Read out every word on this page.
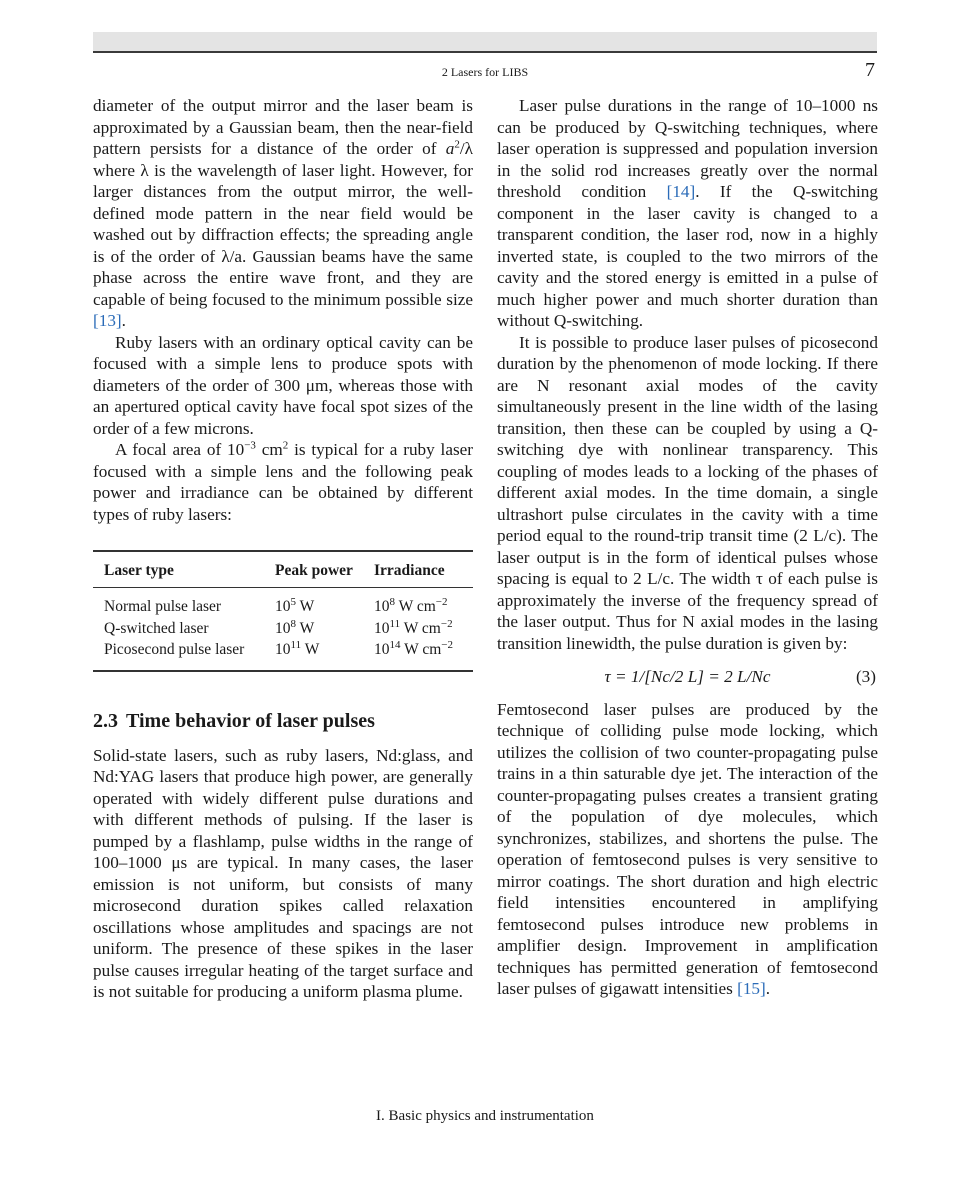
2 Lasers for LIBS	7

diameter of the output mirror and the laser beam is approximated by a Gaussian beam, then the near-field pattern persists for a distance of the order of $a^2/\lambda$ where λ is the wavelength of laser light. However, for larger distances from the output mirror, the well-defined mode pattern in the near field would be washed out by diffraction effects; the spreading angle is of the order of λ/a. Gaussian beams have the same phase across the entire wave front, and they are capable of being focused to the minimum possible size [13].

Ruby lasers with an ordinary optical cavity can be focused with a simple lens to produce spots with diameters of the order of 300 μm, whereas those with an apertured optical cavity have focal spot sizes of the order of a few microns.

A focal area of $10^{-3}$ $cm^2$ is typical for a ruby laser focused with a simple lens and the following peak power and irradiance can be obtained by different types of ruby lasers:

Laser type	Peak power	Irradiance
Normal pulse laser	$10^5$ W	$10^8$ W $cm^{-2}$
Q-switched laser	$10^8$ W	$10^{11}$ W $cm^{-2}$
Picosecond pulse laser	$10^{11}$ W	$10^{14}$ W $cm^{-2}$
2.3 Time behavior of laser pulses

Solid-state lasers, such as ruby lasers, Nd:glass, and Nd:YAG lasers that produce high power, are generally operated with widely different pulse durations and with different methods of pulsing. If the laser is pumped by a flashlamp, pulse widths in the range of 100–1000 μs are typical. In many cases, the laser emission is not uniform, but consists of many microsecond duration spikes called relaxation oscillations whose amplitudes and spacings are not uniform. The presence of these spikes in the laser pulse causes irregular heating of the target surface and is not suitable for producing a uniform plasma plume.

Laser pulse durations in the range of 10–1000 ns can be produced by Q-switching techniques, where laser operation is suppressed and population inversion in the solid rod increases greatly over the normal threshold condition [14]. If the Q-switching component in the laser cavity is changed to a transparent condition, the laser rod, now in a highly inverted state, is coupled to the two mirrors of the cavity and the stored energy is emitted in a pulse of much higher power and much shorter duration than without Q-switching.

It is possible to produce laser pulses of picosecond duration by the phenomenon of mode locking. If there are N resonant axial modes of the cavity simultaneously present in the line width of the lasing transition, then these can be coupled by using a Q-switching dye with nonlinear transparency. This coupling of modes leads to a locking of the phases of different axial modes. In the time domain, a single ultrashort pulse circulates in the cavity with a time period equal to the round-trip transit time (2 L/c). The laser output is in the form of identical pulses whose spacing is equal to 2 L/c. The width τ of each pulse is approximately the inverse of the frequency spread of the laser output. Thus for N axial modes in the lasing transition linewidth, the pulse duration is given by:

τ = 1/[Nc/2 L] = 2 L/Nc	(3)

Femtosecond laser pulses are produced by the technique of colliding pulse mode locking, which utilizes the collision of two counter-propagating pulse trains in a thin saturable dye jet. The interaction of the counter-propagating pulses creates a transient grating of the population of dye molecules, which synchronizes, stabilizes, and shortens the pulse. The operation of femtosecond pulses is very sensitive to mirror coatings. The short duration and high electric field intensities encountered in amplifying femtosecond pulses introduce new problems in amplifier design. Improvement in amplification techniques has permitted generation of femtosecond laser pulses of gigawatt intensities [15].

I. Basic physics and instrumentation
